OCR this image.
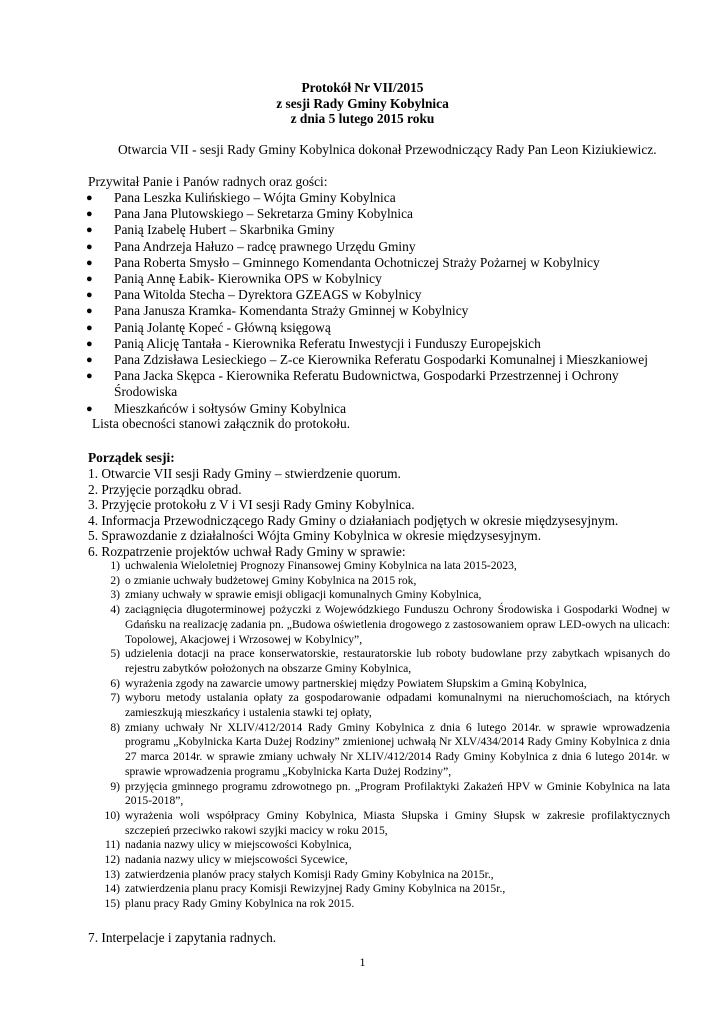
Protokół Nr VII/2015
z sesji Rady Gminy Kobylnica
z dnia 5 lutego 2015 roku
Otwarcia VII - sesji Rady Gminy Kobylnica dokonał Przewodniczący Rady Pan Leon Kiziukiewicz.
Przywitał Panie i Panów radnych oraz gości:
● Pana Leszka Kulińskiego – Wójta Gminy Kobylnica
● Pana Jana Plutowskiego – Sekretarza Gminy Kobylnica
● Panią Izabelę Hubert – Skarbnika Gminy
● Pana Andrzeja Hałuzo – radcę prawnego Urzędu Gminy
● Pana Roberta Smysło – Gminnego Komendanta Ochotniczej Straży Pożarnej w Kobylnicy
● Panią Annę Łabik- Kierownika OPS w Kobylnicy
● Pana Witolda Stecha – Dyrektora GZEAGS w Kobylnicy
● Pana Janusza Kramka- Komendanta Straży Gminnej w Kobylnicy
● Panią Jolantę Kopeć - Główną księgową
● Panią Alicję Tantała - Kierownika Referatu Inwestycji i Funduszy Europejskich
● Pana Zdzisława Lesieckiego – Z-ce Kierownika Referatu Gospodarki Komunalnej i Mieszkaniowej
● Pana Jacka Skępca - Kierownika Referatu Budownictwa, Gospodarki Przestrzennej i Ochrony Środowiska
● Mieszkańców i sołtysów Gminy Kobylnica
Lista obecności stanowi załącznik do protokołu.
Porządek sesji:
1. Otwarcie VII sesji Rady Gminy – stwierdzenie quorum.
2. Przyjęcie porządku obrad.
3. Przyjęcie protokołu z V i VI sesji Rady Gminy Kobylnica.
4. Informacja Przewodniczącego Rady Gminy o działaniach podjętych w okresie międzysesyjnym.
5. Sprawozdanie z działalności Wójta Gminy Kobylnica w okresie międzysesyjnym.
6. Rozpatrzenie projektów uchwał Rady Gminy w sprawie:
1) uchwalenia Wieloletniej Prognozy Finansowej Gminy Kobylnica na lata 2015-2023,
2) o zmianie uchwały budżetowej Gminy Kobylnica na 2015 rok,
3) zmiany uchwały w sprawie emisji obligacji komunalnych Gminy Kobylnica,
4) zaciągnięcia długoterminowej pożyczki z Wojewódzkiego Funduszu Ochrony Środowiska i Gospodarki Wodnej w Gdańsku na realizację zadania pn. „Budowa oświetlenia drogowego z zastosowaniem opraw LED-owych na ulicach: Topolowej, Akacjowej i Wrzosowej w Kobylnicy”,
5) udzielenia dotacji na prace konserwatorskie, restauratorskie lub roboty budowlane przy zabytkach wpisanych do rejestru zabytków położonych na obszarze Gminy Kobylnica,
6) wyrażenia zgody na zawarcie umowy partnerskiej między Powiatem Słupskim a Gminą Kobylnica,
7) wyboru metody ustalania opłaty za gospodarowanie odpadami komunalnymi na nieruchomościach, na których zamieszkują mieszkańcy i ustalenia stawki tej opłaty,
8) zmiany uchwały Nr XLIV/412/2014 Rady Gminy Kobylnica z dnia 6 lutego 2014r. w sprawie wprowadzenia programu „Kobylnicka Karta Dużej Rodziny” zmienionej uchwałą Nr XLV/434/2014 Rady Gminy Kobylnica z dnia 27 marca 2014r. w sprawie zmiany uchwały Nr XLIV/412/2014 Rady Gminy Kobylnica z dnia 6 lutego 2014r. w sprawie wprowadzenia programu „Kobylnicka Karta Dużej Rodziny”,
9) przyjęcia gminnego programu zdrowotnego pn. „Program Profilaktyki Zakażeń HPV w Gminie Kobylnica na lata 2015-2018”,
10) wyrażenia woli współpracy Gminy Kobylnica, Miasta Słupska i Gminy Słupsk w zakresie profilaktycznych szczepień przeciwko rakowi szyjki macicy w roku 2015,
11) nadania nazwy ulicy w miejscowości Kobylnica,
12) nadania nazwy ulicy w miejscowości Sycewice,
13) zatwierdzenia planów pracy stałych Komisji Rady Gminy Kobylnica na 2015r.,
14) zatwierdzenia planu pracy Komisji Rewizyjnej Rady Gminy Kobylnica na 2015r.,
15) planu pracy Rady Gminy Kobylnica na rok 2015.
7. Interpelacje i zapytania radnych.
1
